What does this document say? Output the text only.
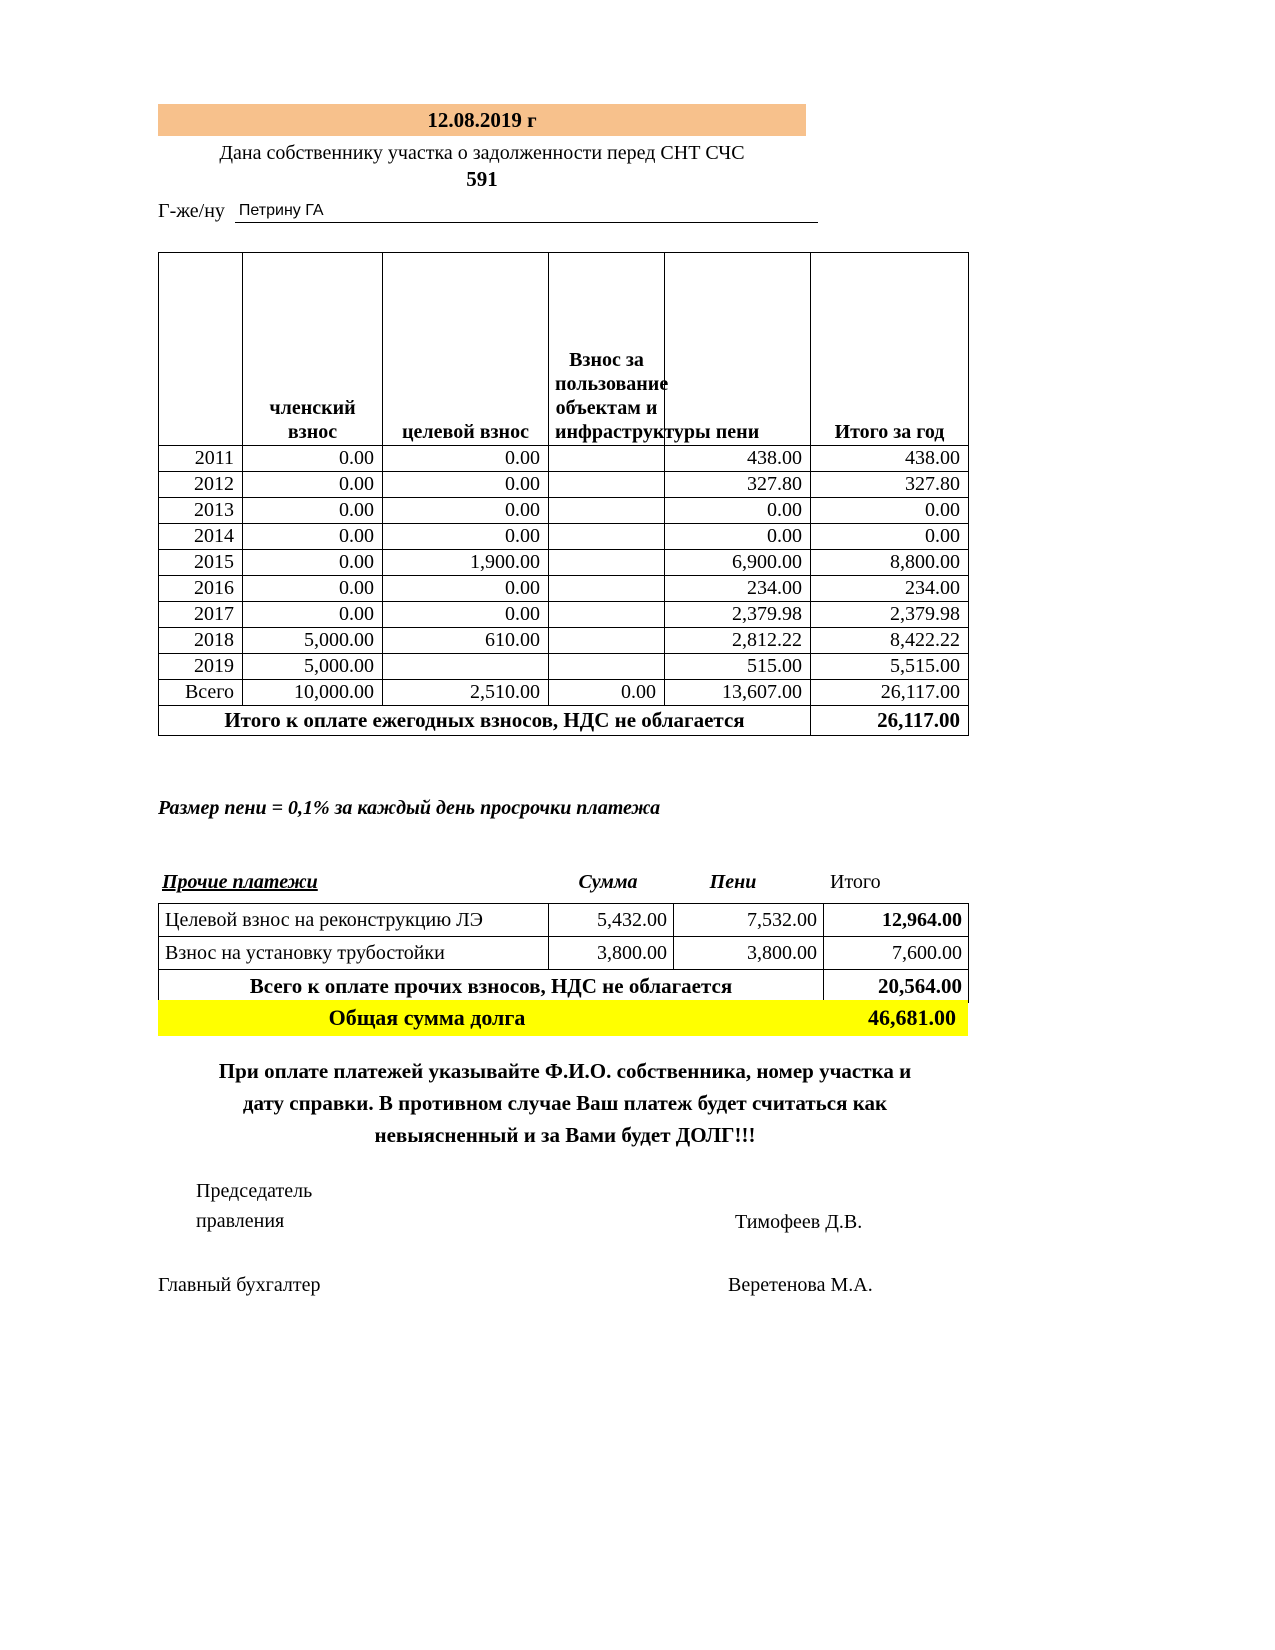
12.08.2019 г
Дана собственнику участка о задолженности перед СНТ СЧС
591
Г-же/ну Петрину ГА
	членский взнос	целевой взнос	Взнос за пользование объектам и инфраструктуры	пени	Итого за год
2011	0.00	0.00		438.00	438.00
2012	0.00	0.00		327.80	327.80
2013	0.00	0.00		0.00	0.00
2014	0.00	0.00		0.00	0.00
2015	0.00	1,900.00		6,900.00	8,800.00
2016	0.00	0.00		234.00	234.00
2017	0.00	0.00		2,379.98	2,379.98
2018	5,000.00	610.00		2,812.22	8,422.22
2019	5,000.00			515.00	5,515.00
Всего	10,000.00	2,510.00	0.00	13,607.00	26,117.00
Итого к оплате ежегодных взносов, НДС не облагается					26,117.00
Размер пени = 0,1% за каждый день просрочки платежа
Прочие платежи	Сумма	Пени	Итого
Целевой взнос на реконструкцию ЛЭ	5,432.00	7,532.00	12,964.00
Взнос на установку трубостойки	3,800.00	3,800.00	7,600.00
Всего к оплате прочих взносов, НДС не облагается			20,564.00
Общая сумма долга	46,681.00
При оплате платежей указывайте Ф.И.О. собственника, номер участка и
дату справки. В противном случае Ваш платеж будет считаться как
невыясненный и за Вами будет ДОЛГ!!!
Председатель
правления	Тимофеев Д.В.
Главный бухгалтер	Веретенова М.А.
